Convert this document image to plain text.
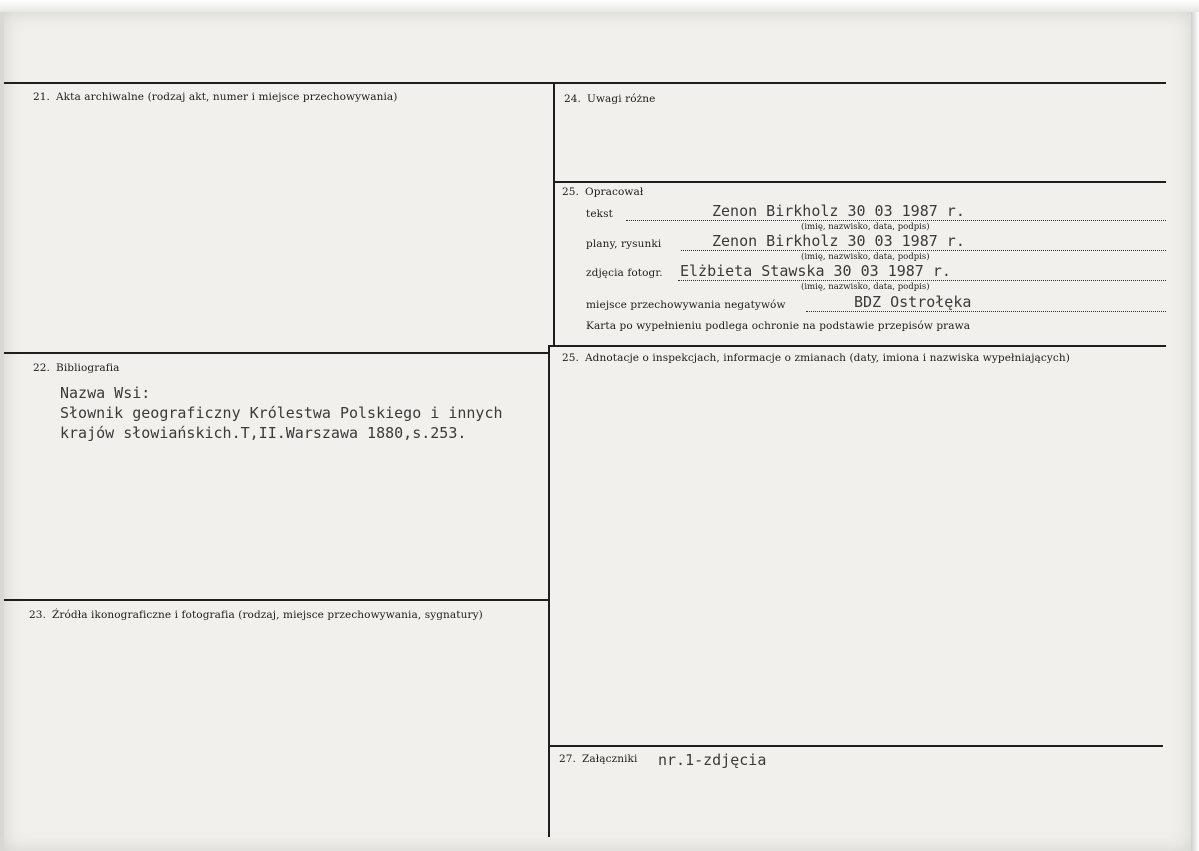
21. Akta archiwalne (rodzaj akt, numer i miejsce przechowywania)
22. Bibliografia
Nazwa Wsi:
Słownik geograficzny Królestwa Polskiego i innych
krajów słowiańskich.T,II.Warszawa 1880,s.253.
23. Źródła ikonograficzne i fotografia (rodzaj, miejsce przechowywania, sygnatury)
24. Uwagi różne
25. Opracował
tekst	Zenon Birkholz 30 03 1987 r.
(imię, nazwisko, data, podpis)
plany, rysunki	Zenon Birkholz 30 03 1987 r.
(imię, nazwisko, data, podpis)
zdjęcia fotogr. Elżbieta Stawska 30 03 1987 r.
(imię, nazwisko, data, podpis)
miejsce przechowywania negatywów	BDZ Ostrołęka
Karta po wypełnieniu podlega ochronie na podstawie przepisów prawa
25. Adnotacje o inspekcjach, informacje o zmianach (daty, imiona i nazwiska wypełniających)
27. Załączniki nr.1-zdjęcia
